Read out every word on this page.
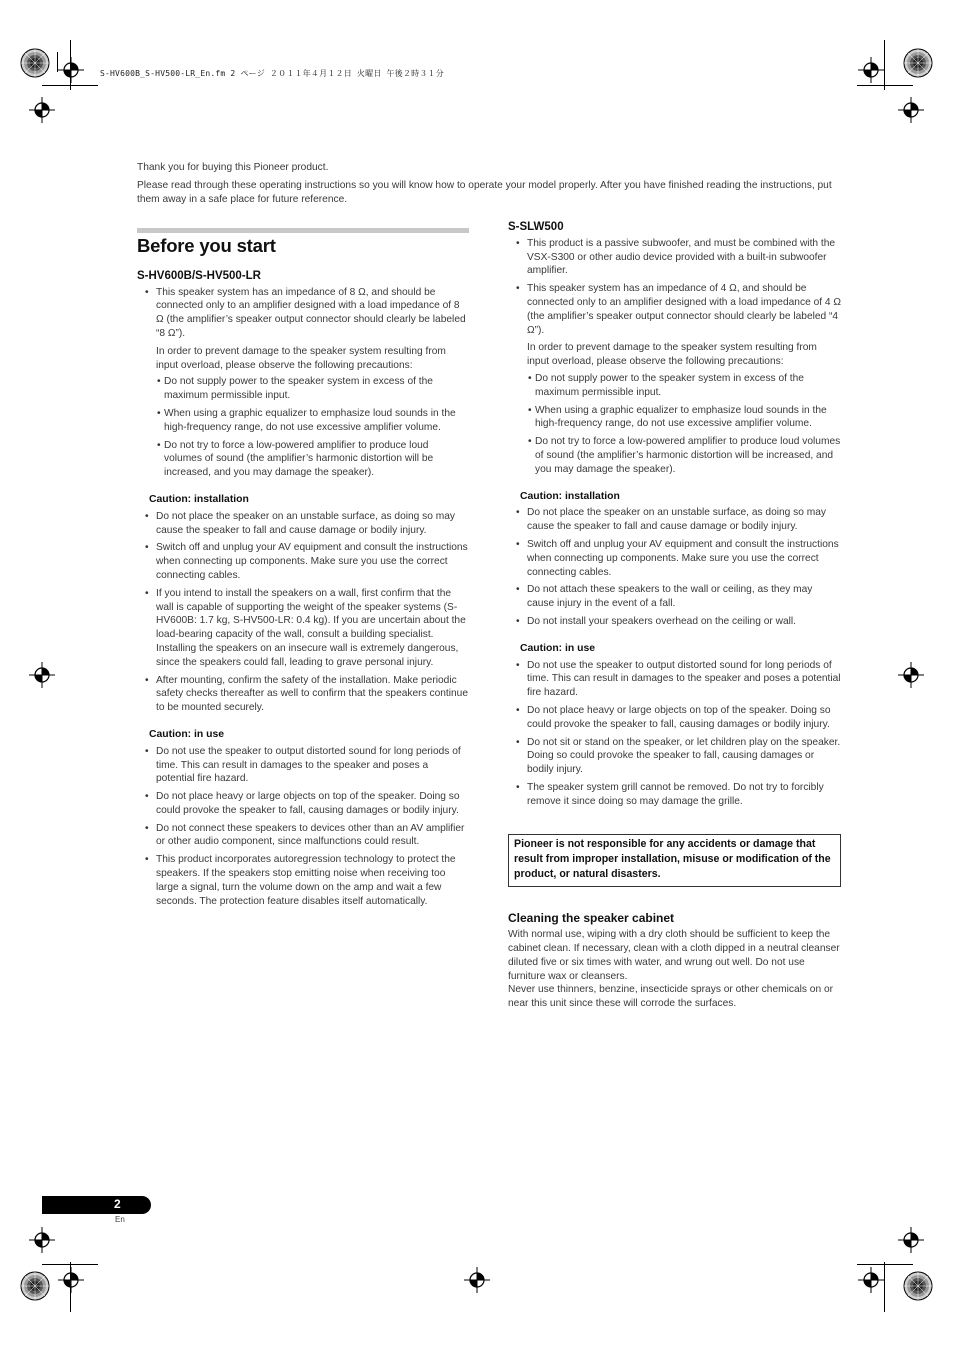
S-HV600B_S-HV500-LR_En.fm 2 ページ ２０１１年４月１２日 火曜日 午後２時３１分

Thank you for buying this Pioneer product.

Please read through these operating instructions so you will know how to operate your model properly. After you have finished reading the instructions, put them away in a safe place for future reference.

Before you start
S-HV600B/S-HV500-LR
• This speaker system has an impedance of 8 Ω, and should be connected only to an amplifier designed with a load impedance of 8 Ω (the amplifier’s speaker output connector should clearly be labeled “8 Ω”).
In order to prevent damage to the speaker system resulting from input overload, please observe the following precautions:
• Do not supply power to the speaker system in excess of the maximum permissible input.
• When using a graphic equalizer to emphasize loud sounds in the high-frequency range, do not use excessive amplifier volume.
• Do not try to force a low-powered amplifier to produce loud volumes of sound (the amplifier’s harmonic distortion will be increased, and you may damage the speaker).
Caution: installation
• Do not place the speaker on an unstable surface, as doing so may cause the speaker to fall and cause damage or bodily injury.
• Switch off and unplug your AV equipment and consult the instructions when connecting up components. Make sure you use the correct connecting cables.
• If you intend to install the speakers on a wall, first confirm that the wall is capable of supporting the weight of the speaker systems (S-HV600B: 1.7 kg, S-HV500-LR: 0.4 kg). If you are uncertain about the load-bearing capacity of the wall, consult a building specialist. Installing the speakers on an insecure wall is extremely dangerous, since the speakers could fall, leading to grave personal injury.
• After mounting, confirm the safety of the installation. Make periodic safety checks thereafter as well to confirm that the speakers continue to be mounted securely.
Caution: in use
• Do not use the speaker to output distorted sound for long periods of time. This can result in damages to the speaker and poses a potential fire hazard.
• Do not place heavy or large objects on top of the speaker. Doing so could provoke the speaker to fall, causing damages or bodily injury.
• Do not connect these speakers to devices other than an AV amplifier or other audio component, since malfunctions could result.
• This product incorporates autoregression technology to protect the speakers. If the speakers stop emitting noise when receiving too large a signal, turn the volume down on the amp and wait a few seconds. The protection feature disables itself automatically.
S-SLW500
• This product is a passive subwoofer, and must be combined with the VSX-S300 or other audio device provided with a built-in subwoofer amplifier.
• This speaker system has an impedance of 4 Ω, and should be connected only to an amplifier designed with a load impedance of 4 Ω (the amplifier’s speaker output connector should clearly be labeled “4 Ω”).
In order to prevent damage to the speaker system resulting from input overload, please observe the following precautions:
• Do not supply power to the speaker system in excess of the maximum permissible input.
• When using a graphic equalizer to emphasize loud sounds in the high-frequency range, do not use excessive amplifier volume.
• Do not try to force a low-powered amplifier to produce loud volumes of sound (the amplifier’s harmonic distortion will be increased, and you may damage the speaker).
Caution: installation
• Do not place the speaker on an unstable surface, as doing so may cause the speaker to fall and cause damage or bodily injury.
• Switch off and unplug your AV equipment and consult the instructions when connecting up components. Make sure you use the correct connecting cables.
• Do not attach these speakers to the wall or ceiling, as they may cause injury in the event of a fall.
• Do not install your speakers overhead on the ceiling or wall.
Caution: in use
• Do not use the speaker to output distorted sound for long periods of time. This can result in damages to the speaker and poses a potential fire hazard.
• Do not place heavy or large objects on top of the speaker. Doing so could provoke the speaker to fall, causing damages or bodily injury.
• Do not sit or stand on the speaker, or let children play on the speaker. Doing so could provoke the speaker to fall, causing damages or bodily injury.
• The speaker system grill cannot be removed. Do not try to forcibly remove it since doing so may damage the grille.
Pioneer is not responsible for any accidents or damage that result from improper installation, misuse or modification of the product, or natural disasters.
Cleaning the speaker cabinet

With normal use, wiping with a dry cloth should be sufficient to keep the cabinet clean. If necessary, clean with a cloth dipped in a neutral cleanser diluted five or six times with water, and wrung out well. Do not use furniture wax or cleansers.

Never use thinners, benzine, insecticide sprays or other chemicals on or near this unit since these will corrode the surfaces.

2
En
